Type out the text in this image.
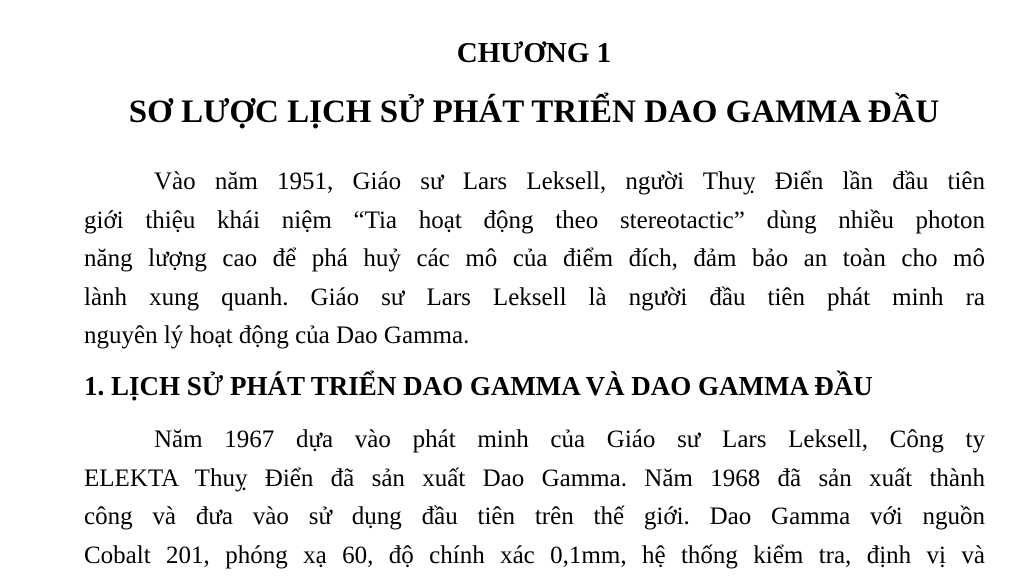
CHƯƠNG 1
SƠ LƯỢC LỊCH SỬ PHÁT TRIỂN DAO GAMMA ĐẦU

Vào năm 1951, Giáo sư Lars Leksell, người Thuỵ Điển lần đầu tiên
giới thiệu khái niệm “Tia hoạt động theo stereotactic” dùng nhiều photon
năng lượng cao để phá huỷ các mô của điểm đích, đảm bảo an toàn cho mô
lành xung quanh. Giáo sư Lars Leksell là người đầu tiên phát minh ra
nguyên lý hoạt động của Dao Gamma.

1. LỊCH SỬ PHÁT TRIỂN DAO GAMMA VÀ DAO GAMMA ĐẦU

Năm 1967 dựa vào phát minh của Giáo sư Lars Leksell, Công ty
ELEKTA Thuỵ Điển đã sản xuất Dao Gamma. Năm 1968 đã sản xuất thành
công và đưa vào sử dụng đầu tiên trên thế giới. Dao Gamma với nguồn
Cobalt 201, phóng xạ 60, độ chính xác 0,1mm, hệ thống kiểm tra, định vị và
